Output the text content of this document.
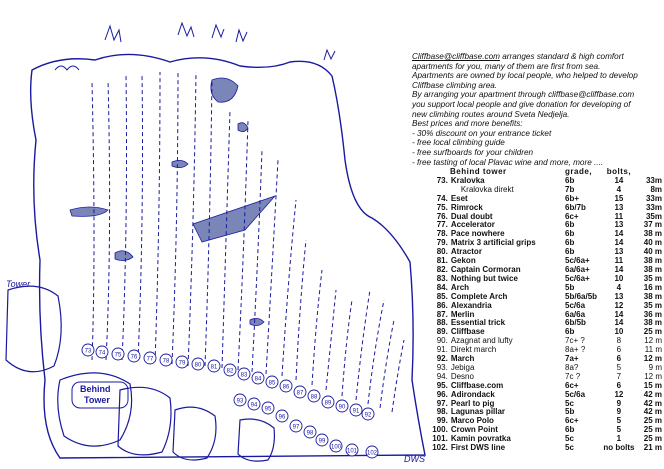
Tower
Behind
Tower
DWS
73 74 75 76 77 78 79 80 81
82
83
84
85
86
87
88
89
90
91
92
93
94
95
96
97
98
99
100
101 102
Cliffbase@cliffbase.com arranges standard & high comfort
apartments for you, many of them are first from sea.
Apartments are owned by local people, who helped to develop
Cliffbase climbing area.
By arranging your apartment through cliffbase@cliffbase.com
you support local people and give donation for developing of
new climbing routes around Sveta Nedjelja.
Best prices and more benefits:
- 30% discount on your entrance ticket
- free local climbing guide
- free surfboards for your children
- free tasting of local Plavac wine and more, more ....
Behind tower		grade,	bolts,	
73.	Kralovka	6b	14	33m
	Kralovka direkt	7b	4	8m
74.	Eset	6b+	15	33m
75.	Rimrock	6b/7b	13	33m
76.	Dual doubt	6c+	11	35m
77.	Accelerator	6b	13	37 m
78.	Pace nowhere	6b	14	38 m
79.	Matrix 3 artificial grips	6b	14	40 m
80.	Atractor	6b	13	40 m
81.	Gekon	5c/6a+	11	38 m
82.	Captain Cormoran	6a/6a+	14	38 m
83.	Nothing but twice	5c/6a+	10	35 m
84.	Arch	5b	4	16 m
85.	Complete Arch	5b/6a/5b	13	38 m
86.	Alexandria	5c/6a	12	35 m
87.	Merlin	6a/6a	14	36 m
88.	Essential trick	6b/5b	14	38 m
89.	Cliffbase	6b	10	25 m
90.	Azagnat and lufty	7c+ ?	8	12 m
91.	Direkt march	8a+ ?	6	11 m
92.	March	7a+	6	12 m
93.	Jebiga	8a?	5	9 m
94.	Desno	7c ?	7	12 m
95.	Cliffbase.com	6c+	6	15 m
96.	Adirondack	5c/6a	12	42 m
97.	Pearl to pig	5c	9	42 m
98.	Lagunas pillar	5b	9	42 m
99.	Marco Polo	6c+	5	25 m
100.	Crown Point	6b	5	25 m
101.	Kamin povratka	5c	1	25 m
102.	First DWS line	5c	no bolts	21 m
